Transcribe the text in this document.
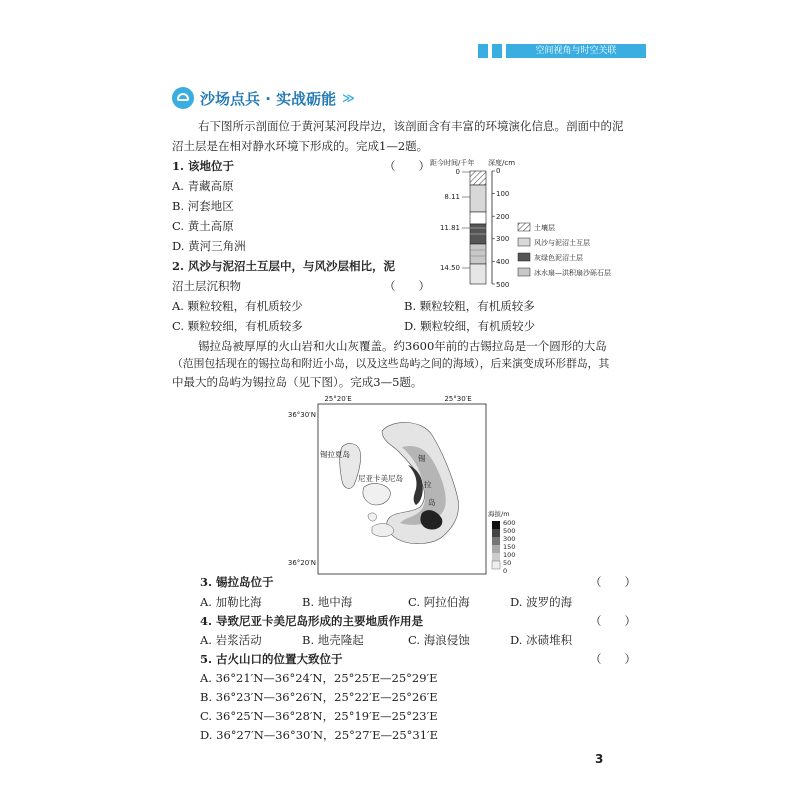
空间视角与时空关联
沙场点兵 · 实战砺能 ≫
右下图所示剖面位于黄河某河段岸边，该剖面含有丰富的环境演化信息。剖面中的泥
沼土层是在相对静水环境下形成的。完成1—2题。
1. 该地位于	（　　）
A. 青藏高原
B. 河套地区
C. 黄土高原
D. 黄河三角洲
2. 风沙与泥沼土互层中，与风沙层相比，泥
沼土层沉积物	（　　）
A. 颗粒较粗，有机质较少	B. 颗粒较粗，有机质较多
C. 颗粒较细，有机质较多	D. 颗粒较细，有机质较少
距今时间/千年 深度/cm
0
100
200
300
400
500
0
8.11
11.81
14.50
土壤层
风沙与泥沼土互层
灰绿色泥沼土层
冰水扇—洪积扇沙砾石层
锡拉岛被厚厚的火山岩和火山灰覆盖。约3600年前的古锡拉岛是一个圆形的大岛
（范围包括现在的锡拉岛和附近小岛，以及这些岛屿之间的海域），后来演变成环形群岛，其
中最大的岛屿为锡拉岛（见下图）。完成3—5题。
25°20′E	25°30′E
36°30′N
36°20′N
锡拉夏岛
尼亚卡美尼岛
锡
拉
岛
海拔/m
600
500
300
150
100
50
0
3. 锡拉岛位于	（　　）
A. 加勒比海	B. 地中海	C. 阿拉伯海	D. 波罗的海
4. 导致尼亚卡美尼岛形成的主要地质作用是	（　　）
A. 岩浆活动	B. 地壳隆起	C. 海浪侵蚀	D. 冰碛堆积
5. 古火山口的位置大致位于	（　　）
A. 36°21′N—36°24′N，25°25′E—25°29′E
B. 36°23′N—36°26′N，25°22′E—25°26′E
C. 36°25′N—36°28′N，25°19′E—25°23′E
D. 36°27′N—36°30′N，25°27′E—25°31′E
3
